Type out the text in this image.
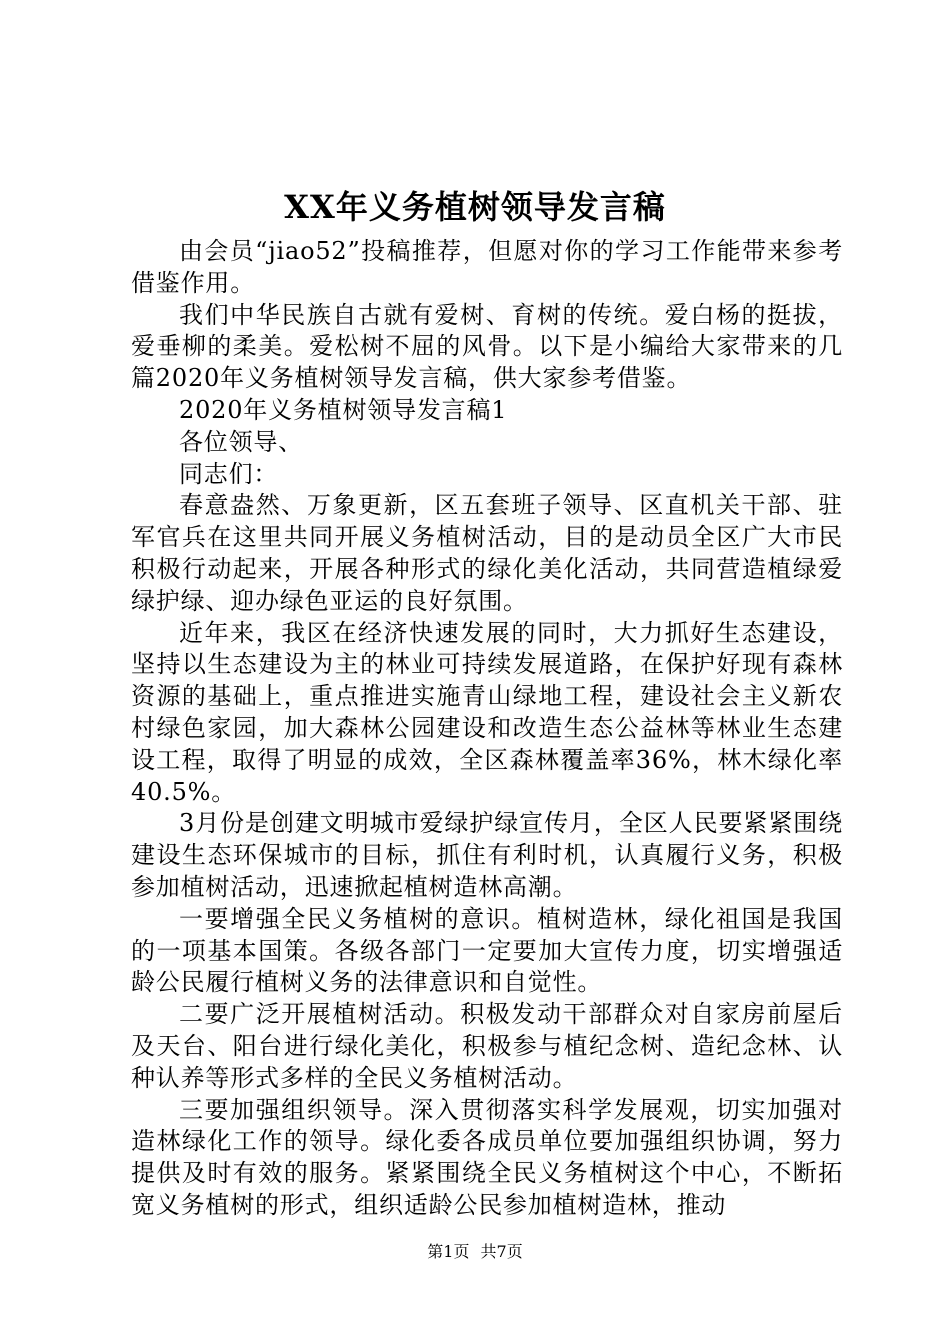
XX年义务植树领导发言稿

由会员“jiao52”投稿推荐，但愿对你的学习工作能带来参考借鉴作用。

我们中华民族自古就有爱树、育树的传统。爱白杨的挺拔，爱垂柳的柔美。爱松树不屈的风骨。以下是小编给大家带来的几篇2020年义务植树领导发言稿，供大家参考借鉴。

2020年义务植树领导发言稿1

各位领导、

同志们：

春意盎然、万象更新，区五套班子领导、区直机关干部、驻军官兵在这里共同开展义务植树活动，目的是动员全区广大市民积极行动起来，开展各种形式的绿化美化活动，共同营造植绿爱绿护绿、迎办绿色亚运的良好氛围。

近年来，我区在经济快速发展的同时，大力抓好生态建设，坚持以生态建设为主的林业可持续发展道路，在保护好现有森林资源的基础上，重点推进实施青山绿地工程，建设社会主义新农村绿色家园，加大森林公园建设和改造生态公益林等林业生态建设工程，取得了明显的成效，全区森林覆盖率36%，林木绿化率40.5%。

3月份是创建文明城市爱绿护绿宣传月，全区人民要紧紧围绕建设生态环保城市的目标，抓住有利时机，认真履行义务，积极参加植树活动，迅速掀起植树造林高潮。

一要增强全民义务植树的意识。植树造林，绿化祖国是我国的一项基本国策。各级各部门一定要加大宣传力度，切实增强适龄公民履行植树义务的法律意识和自觉性。

二要广泛开展植树活动。积极发动干部群众对自家房前屋后及天台、阳台进行绿化美化，积极参与植纪念树、造纪念林、认种认养等形式多样的全民义务植树活动。

三要加强组织领导。深入贯彻落实科学发展观，切实加强对造林绿化工作的领导。绿化委各成员单位要加强组织协调，努力提供及时有效的服务。紧紧围绕全民义务植树这个中心，不断拓宽义务植树的形式，组织适龄公民参加植树造林，推动

第1页 共7页
